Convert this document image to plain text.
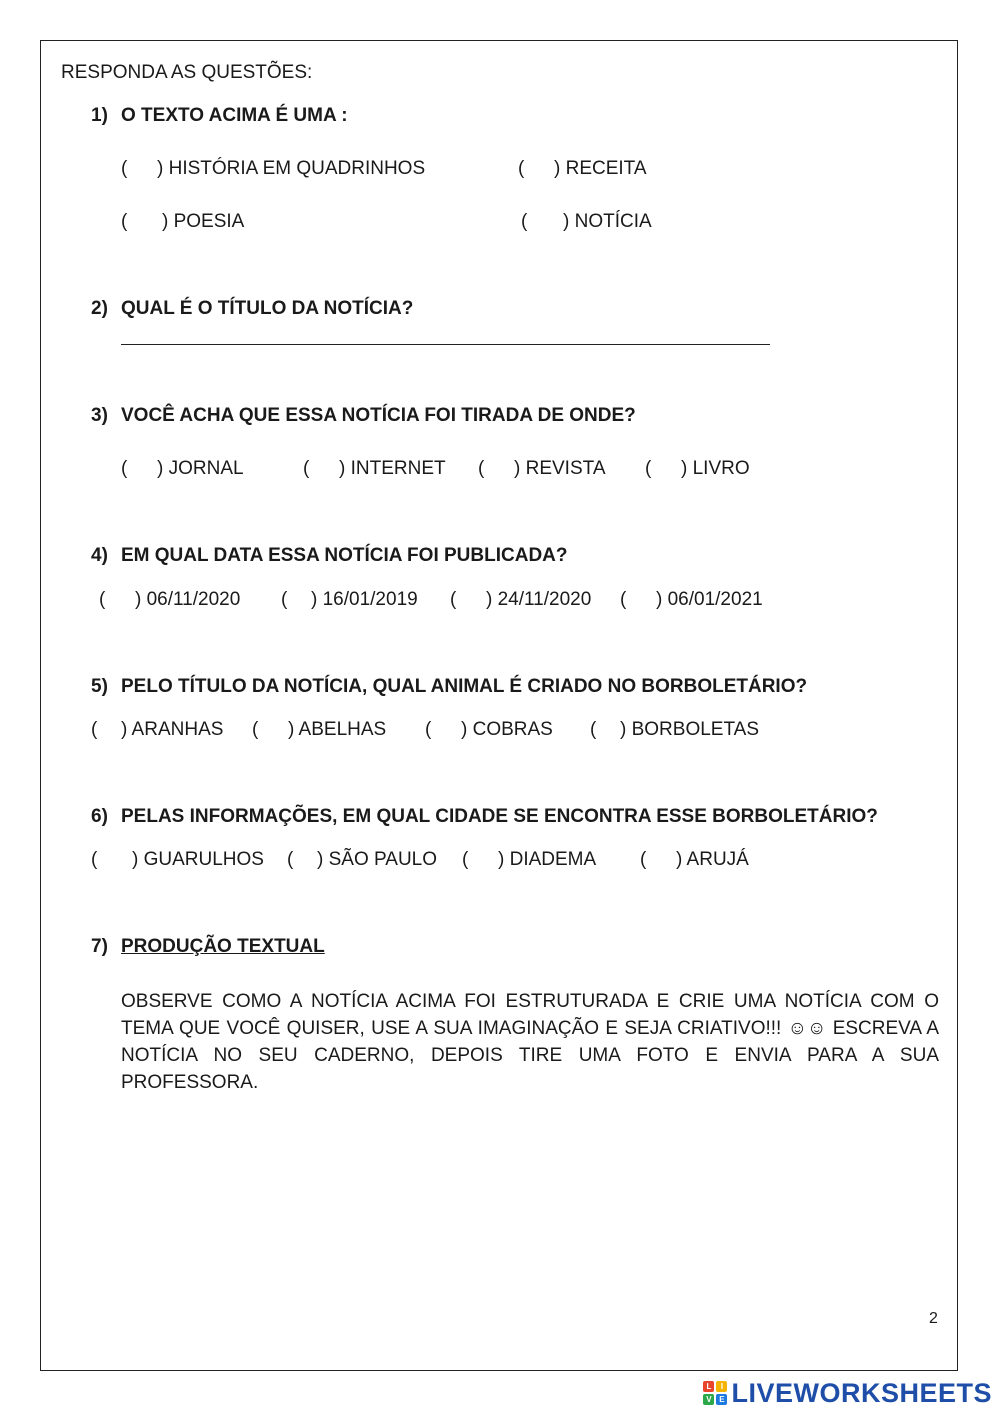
RESPONDA AS QUESTÕES:
1) O TEXTO ACIMA É UMA :
( ) HISTÓRIA EM QUADRINHOS	( ) RECEITA
( ) POESIA	( ) NOTÍCIA
2) QUAL É O TÍTULO DA NOTÍCIA?
3) VOCÊ ACHA QUE ESSA NOTÍCIA FOI TIRADA DE ONDE?
( ) JORNAL	( ) INTERNET ( ) REVISTA ( ) LIVRO
4) EM QUAL DATA ESSA NOTÍCIA FOI PUBLICADA?
( ) 06/11/2020 ( ) 16/01/2019 ( ) 24/11/2020 ( ) 06/01/2021
5) PELO TÍTULO DA NOTÍCIA, QUAL ANIMAL É CRIADO NO BORBOLETÁRIO?
( ) ARANHAS ( ) ABELHAS ( ) COBRAS ( ) BORBOLETAS
6) PELAS INFORMAÇÕES, EM QUAL CIDADE SE ENCONTRA ESSE BORBOLETÁRIO?
( ) GUARULHOS ( ) SÃO PAULO ( ) DIADEMA ( ) ARUJÁ
7) PRODUÇÃO TEXTUAL
OBSERVE COMO A NOTÍCIA ACIMA FOI ESTRUTURADA E CRIE UMA NOTÍCIA COM O TEMA QUE VOCÊ QUISER, USE A SUA IMAGINAÇÃO E SEJA CRIATIVO!!! ☺☺ ESCREVA A NOTÍCIA NO SEU CADERNO, DEPOIS TIRE UMA FOTO E ENVIA PARA A SUA PROFESSORA.
2
L	I
V E LIVEWORKSHEETS
